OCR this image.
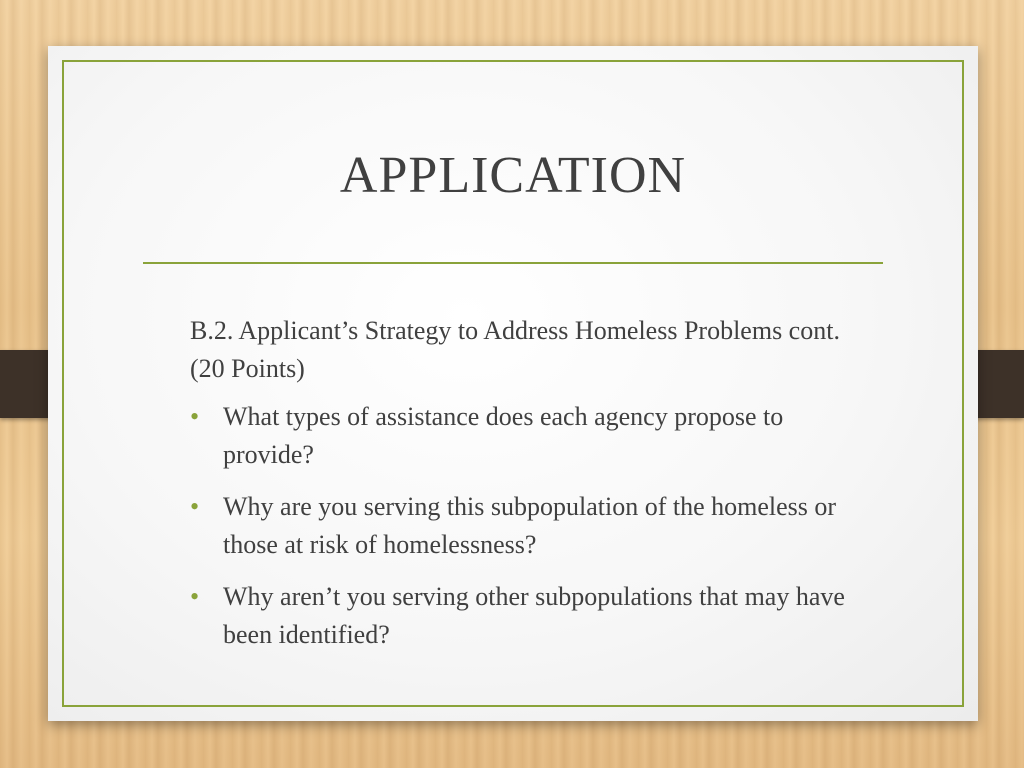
APPLICATION

B.2. Applicant’s Strategy to Address Homeless Problems cont. (20 Points)

• What types of assistance does each agency propose to provide?
• Why are you serving this subpopulation of the homeless or those at risk of homelessness?
• Why aren’t you serving other subpopulations that may have been identified?
